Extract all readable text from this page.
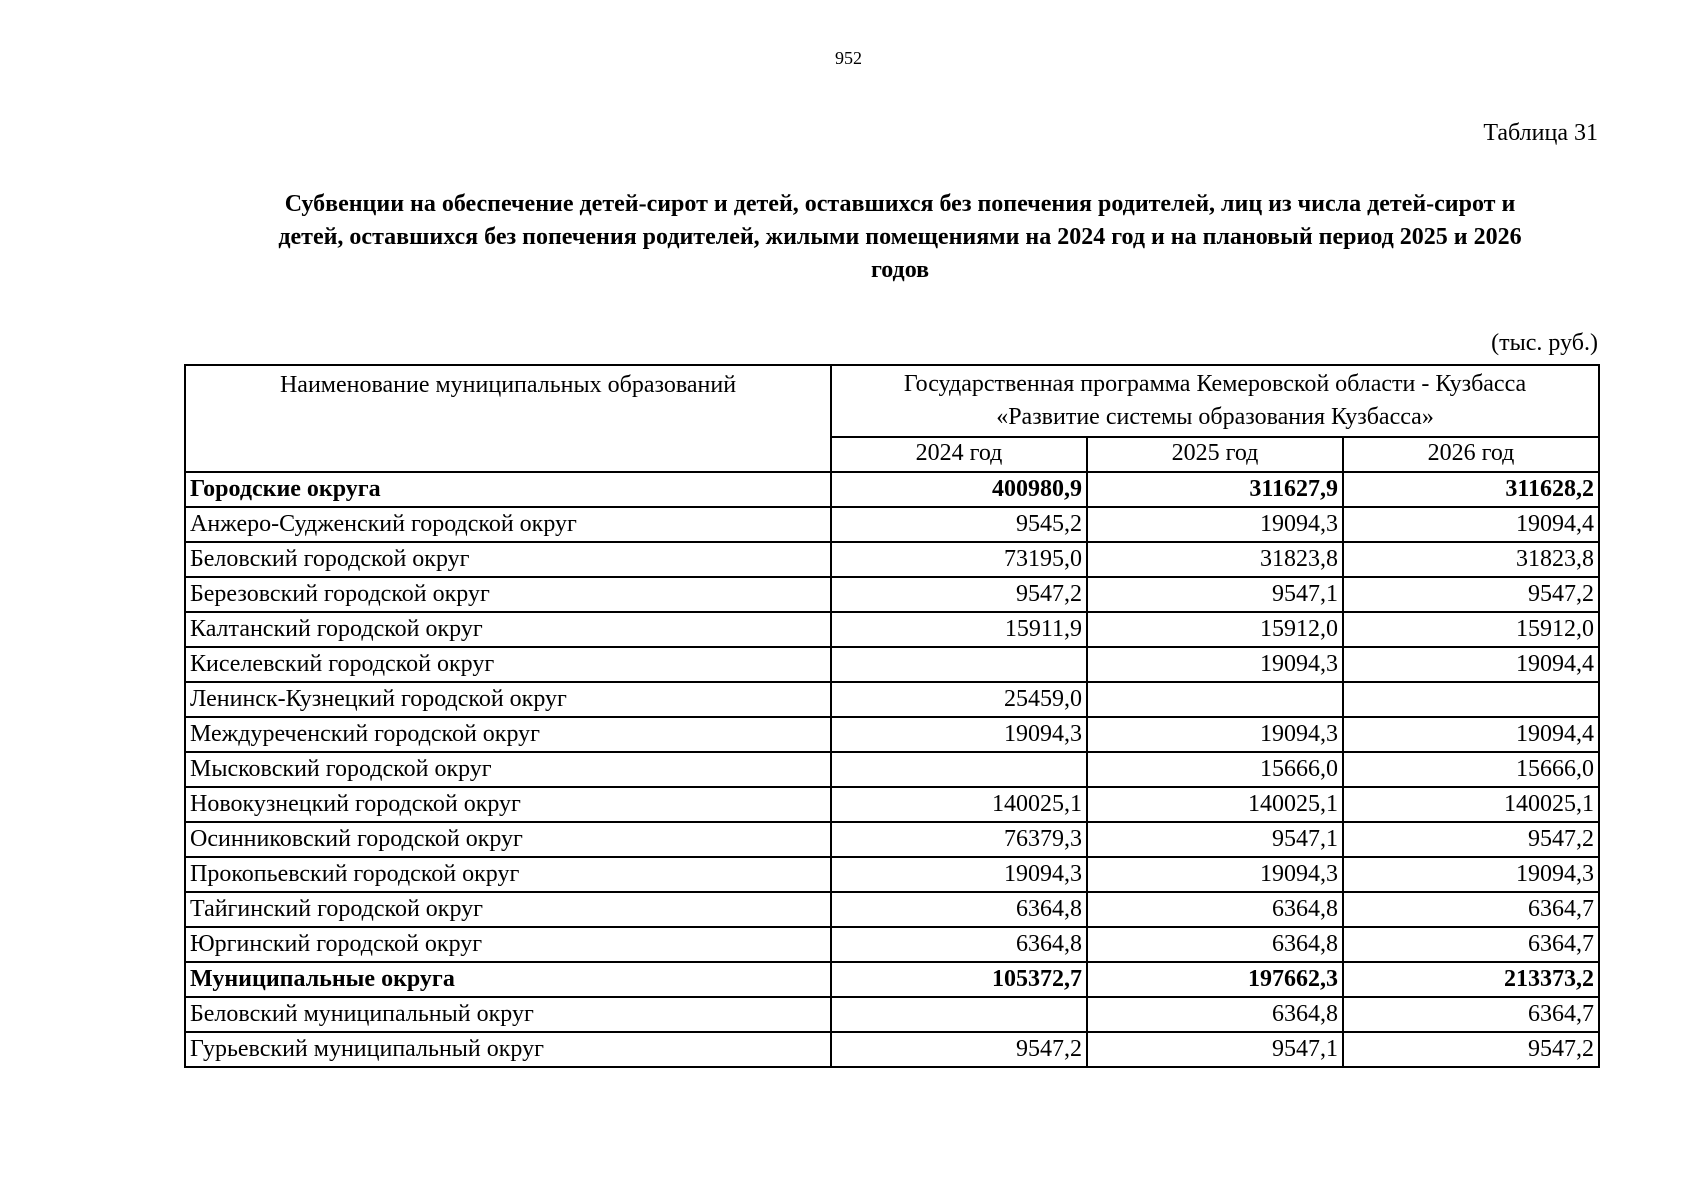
952
Таблица 31
Субвенции на обеспечение детей-сирот и детей, оставшихся без попечения родителей, лиц из числа детей-сирот и
детей, оставшихся без попечения родителей, жилыми помещениями на 2024 год и на плановый период 2025 и 2026
годов
(тыс. руб.)
Наименование муниципальных образований	Государственная программа Кемеровской области - Кузбасса
«Развитие системы образования Кузбасса»		

	2024 год	2025 год	2026 год
Городские округа	400980,9	311627,9	311628,2
Анжеро-Судженский городской округ	9545,2	19094,3	19094,4
Беловский городской округ	73195,0	31823,8	31823,8
Березовский городской округ	9547,2	9547,1	9547,2
Калтанский городской округ	15911,9	15912,0	15912,0
Киселевский городской округ		19094,3	19094,4
Ленинск-Кузнецкий городской округ	25459,0		
Междуреченский городской округ	19094,3	19094,3	19094,4
Мысковский городской округ		15666,0	15666,0
Новокузнецкий городской округ	140025,1	140025,1	140025,1
Осинниковский городской округ	76379,3	9547,1	9547,2
Прокопьевский городской округ	19094,3	19094,3	19094,3
Тайгинский городской округ	6364,8	6364,8	6364,7
Юргинский городской округ	6364,8	6364,8	6364,7
Муниципальные округа	105372,7	197662,3	213373,2
Беловский муниципальный округ		6364,8	6364,7
Гурьевский муниципальный округ	9547,2	9547,1	9547,2
